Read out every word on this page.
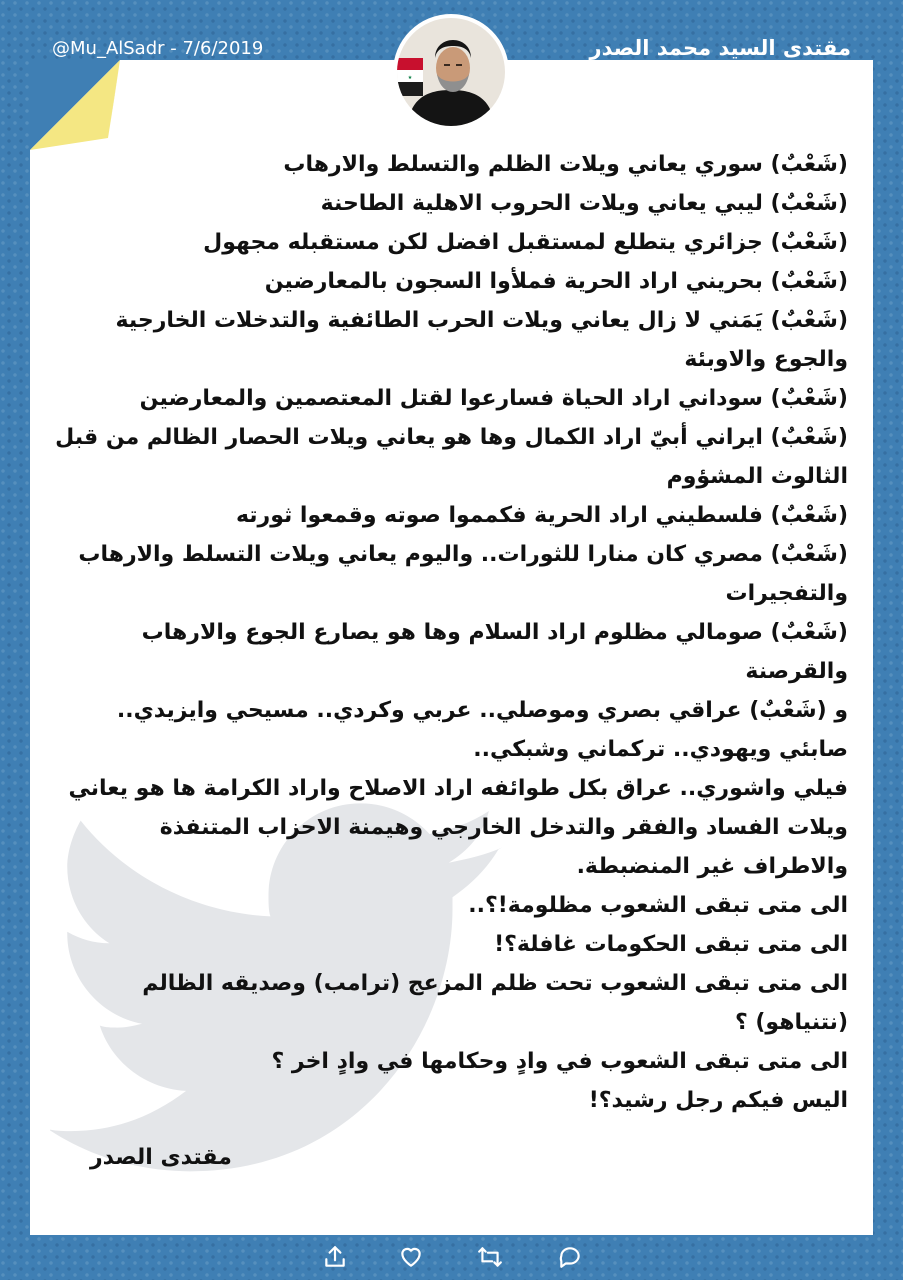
@Mu_AlSadr - 7/6/2019	مقتدى السيد محمد الصدر

(شَعْبٌ) سوري يعاني ويلات الظلم والتسلط والارهاب

(شَعْبٌ) ليبي يعاني ويلات الحروب الاهلية الطاحنة

(شَعْبٌ) جزائري يتطلع لمستقبل افضل لكن مستقبله مجهول

(شَعْبٌ) بحريني اراد الحرية فملأوا السجون بالمعارضين

(شَعْبٌ) يَمَني لا زال يعاني ويلات الحرب الطائفية والتدخلات الخارجية والجوع والاوبئة

(شَعْبٌ) سوداني اراد الحياة فسارعوا لقتل المعتصمين والمعارضين

(شَعْبٌ) ايراني أبيّ اراد الكمال وها هو يعاني ويلات الحصار الظالم من قبل الثالوث المشؤوم

(شَعْبٌ) فلسطيني اراد الحرية فكمموا صوته وقمعوا ثورته

(شَعْبٌ) مصري كان منارا للثورات.. واليوم يعاني ويلات التسلط والارهاب والتفجيرات

(شَعْبٌ) صومالي مظلوم اراد السلام وها هو يصارع الجوع والارهاب والقرصنة

و (شَعْبٌ) عراقي بصري وموصلي.. عربي وكردي.. مسيحي وايزيدي.. صابئي ويهودي.. تركماني وشبكي..

فيلي واشوري.. عراق بكل طوائفه اراد الاصلاح واراد الكرامة ها هو يعاني ويلات الفساد والفقر والتدخل الخارجي وهيمنة الاحزاب المتنفذة والاطراف غير المنضبطة.

الى متى تبقى الشعوب مظلومة!؟..

الى متى تبقى الحكومات غافلة؟!

الى متى تبقى الشعوب تحت ظلم المزعج (ترامب) وصديقه الظالم (نتنياهو) ؟

الى متى تبقى الشعوب في وادٍ وحكامها في وادٍ اخر ؟

اليس فيكم رجل رشيد؟!

مقتدى الصدر
★
